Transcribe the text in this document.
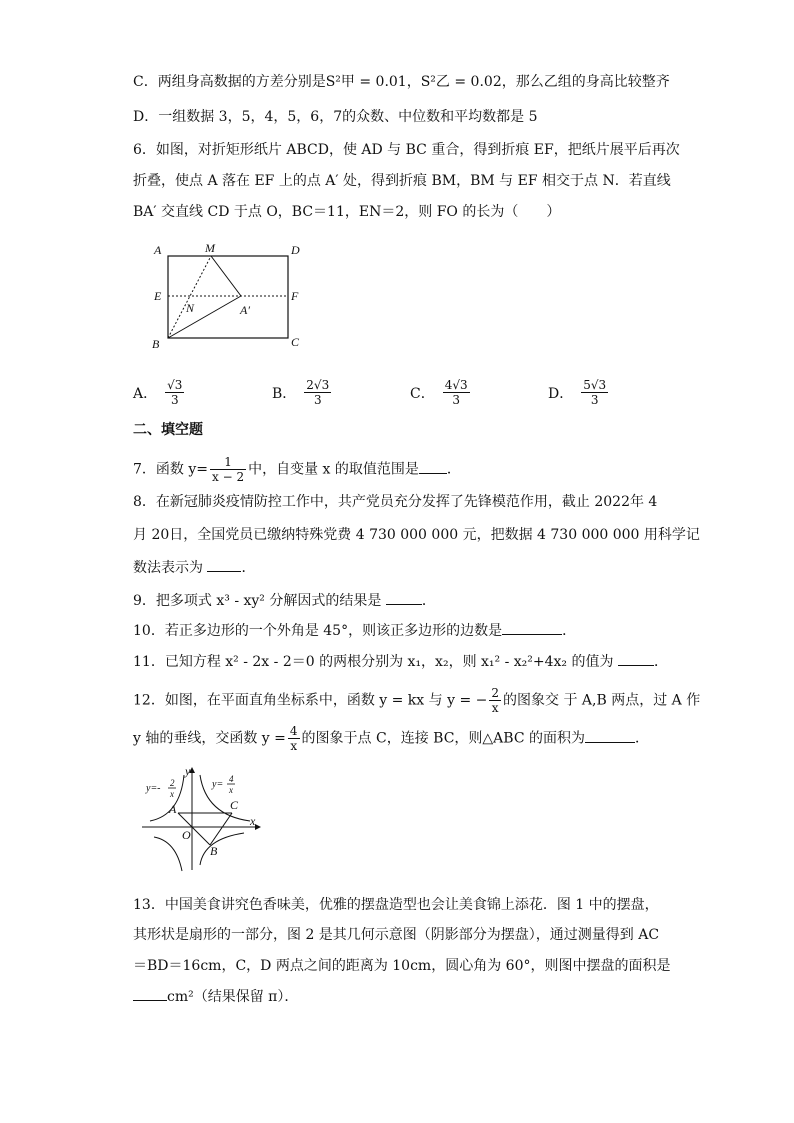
C．两组身高数据的方差分别是S²甲 = 0.01，S²乙 = 0.02，那么乙组的身高比较整齐
D．一组数据 3，5，4，5，6，7的众数、中位数和平均数都是 5
6．如图，对折矩形纸片 ABCD，使 AD 与 BC 重合，得到折痕 EF，把纸片展平后再次
折叠，使点 A 落在 EF 上的点 A′ 处，得到折痕 BM，BM 与 EF 相交于点 N．若直线
BA′ 交直线 CD 于点 O，BC＝11，EN＝2，则 FO 的长为（　　）
A	M	D
E	F
N	A′
B	C
A． $\frac{√3}{3}$	B． $\frac{2√3}{3}$	C． $\frac{4√3}{3}$	D． $\frac{5√3}{3}$
二、填空题
7．函数 $y= \frac{1}{x - 2}$ 中，自变量 x 的取值范围是 ．
8．在新冠肺炎疫情防控工作中，共产党员充分发挥了先锋模范作用，截止 2022年 4
月 20日，全国党员已缴纳特殊党费 4 730 000 000 元，把数据 4 730 000 000 用科学记
数法表示为	．
9．把多项式 x³ - xy² 分解因式的结果是	．
10．若正多边形的一个外角是 45°，则该正多边形的边数是	．
11．已知方程 x² - 2x - 2＝0 的两根分别为 x₁，x₂，则 x₁² - x₂²+4x₂ 的值为	．
12．如图，在平面直角坐标系中，函数 y = kx 与 y = − $\frac{2}{x}$ 的图象交 于 A,B 两点，过 A 作
y 轴的垂线，交函数 $y = \frac{4}{x}$ 的图象于点 C，连接 BC，则△ABC 的面积为	．
y
x
O
A
B
C
y=- 2
x
y= 4
x
13．中国美食讲究色香味美，优雅的摆盘造型也会让美食锦上添花．图 1 中的摆盘，
其形状是扇形的一部分，图 2 是其几何示意图（阴影部分为摆盘），通过测量得到 AC
＝BD＝16cm，C，D 两点之间的距离为 10cm，圆心角为 60°，则图中摆盘的面积是
cm²（结果保留 π）．
